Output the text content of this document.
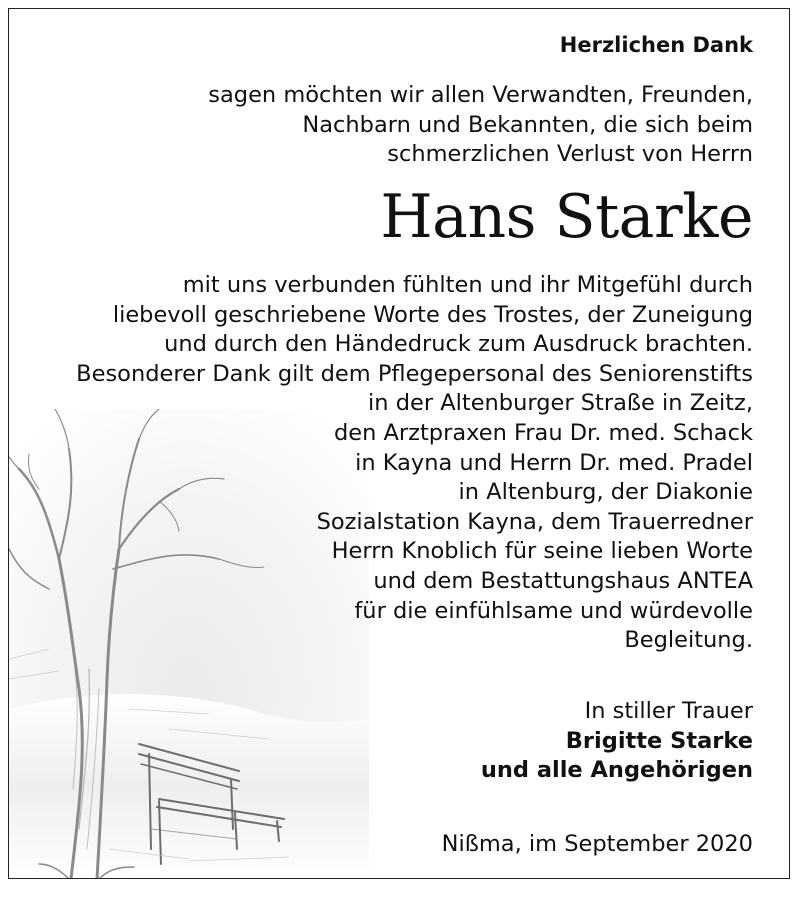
Herzlichen Dank
sagen möchten wir allen Verwandten, Freunden,
Nachbarn und Bekannten, die sich beim
schmerzlichen Verlust von Herrn
Hans Starke
mit uns verbunden fühlten und ihr Mitgefühl durch
liebevoll geschriebene Worte des Trostes, der Zuneigung
und durch den Händedruck zum Ausdruck brachten.
Besonderer Dank gilt dem Pflegepersonal des Seniorenstifts
in der Altenburger Straße in Zeitz,
den Arztpraxen Frau Dr. med. Schack
in Kayna und Herrn Dr. med. Pradel
in Altenburg, der Diakonie
Sozialstation Kayna, dem Trauerredner
Herrn Knoblich für seine lieben Worte
und dem Bestattungshaus ANTEA
für die einfühlsame und würdevolle
Begleitung.
In stiller Trauer
Brigitte Starke
und alle Angehörigen
Nißma, im September 2020
